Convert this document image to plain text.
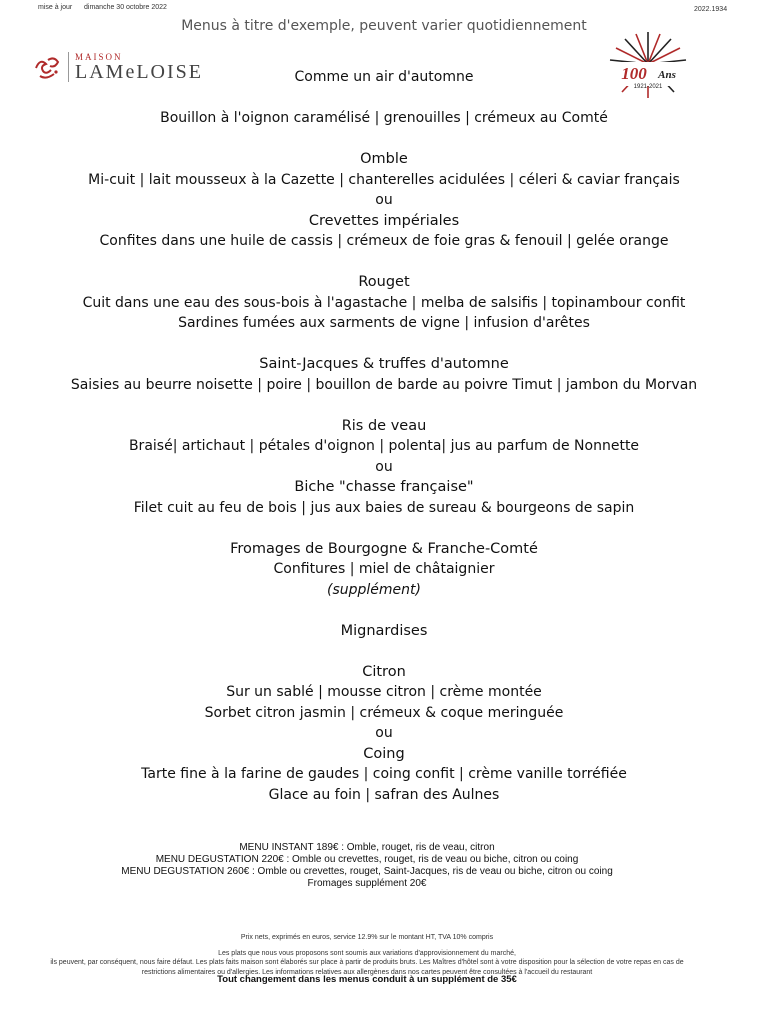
mise à jour dimanche 30 octobre 2022	2022.1934
Menus à titre d'exemple, peuvent varier quotidiennement
MAISON
LAMeLOISE	100 Ans
1921-2021
Comme un air d'automne
Bouillon à l'oignon caramélisé | grenouilles | crémeux au Comté
Omble
Mi-cuit | lait mousseux à la Cazette | chanterelles acidulées | céleri & caviar français
ou
Crevettes impériales
Confites dans une huile de cassis | crémeux de foie gras & fenouil | gelée orange
Rouget
Cuit dans une eau des sous-bois à l'agastache | melba de salsifis | topinambour confit
Sardines fumées aux sarments de vigne | infusion d'arêtes
Saint-Jacques & truffes d'automne
Saisies au beurre noisette | poire | bouillon de barde au poivre Timut | jambon du Morvan
Ris de veau
Braisé| artichaut | pétales d'oignon | polenta| jus au parfum de Nonnette
ou
Biche "chasse française"
Filet cuit au feu de bois | jus aux baies de sureau & bourgeons de sapin
Fromages de Bourgogne & Franche-Comté
Confitures | miel de châtaignier
(supplément)
Mignardises
Citron
Sur un sablé | mousse citron | crème montée
Sorbet citron jasmin | crémeux & coque meringuée
ou
Coing
Tarte fine à la farine de gaudes | coing confit | crème vanille torréfiée
Glace au foin | safran des Aulnes
MENU INSTANT 189€ : Omble, rouget, ris de veau, citron
MENU DEGUSTATION 220€ : Omble ou crevettes, rouget, ris de veau ou biche, citron ou coing
MENU DEGUSTATION 260€ : Omble ou crevettes, rouget, Saint-Jacques, ris de veau ou biche, citron ou coing
Fromages supplément 20€
Prix nets, exprimés en euros, service 12.9% sur le montant HT, TVA 10% compris
Les plats que nous vous proposons sont soumis aux variations d'approvisionnement du marché,
ils peuvent, par conséquent, nous faire défaut. Les plats faits maison sont élaborés sur place à partir de produits bruts. Les Maîtres d'hôtel sont à votre disposition pour la sélection de votre repas en cas de
restrictions alimentaires ou d'allergies. Les informations relatives aux allergènes dans nos cartes peuvent être consultées à l'accueil du restaurant
Tout changement dans les menus conduit à un supplément de 35€
